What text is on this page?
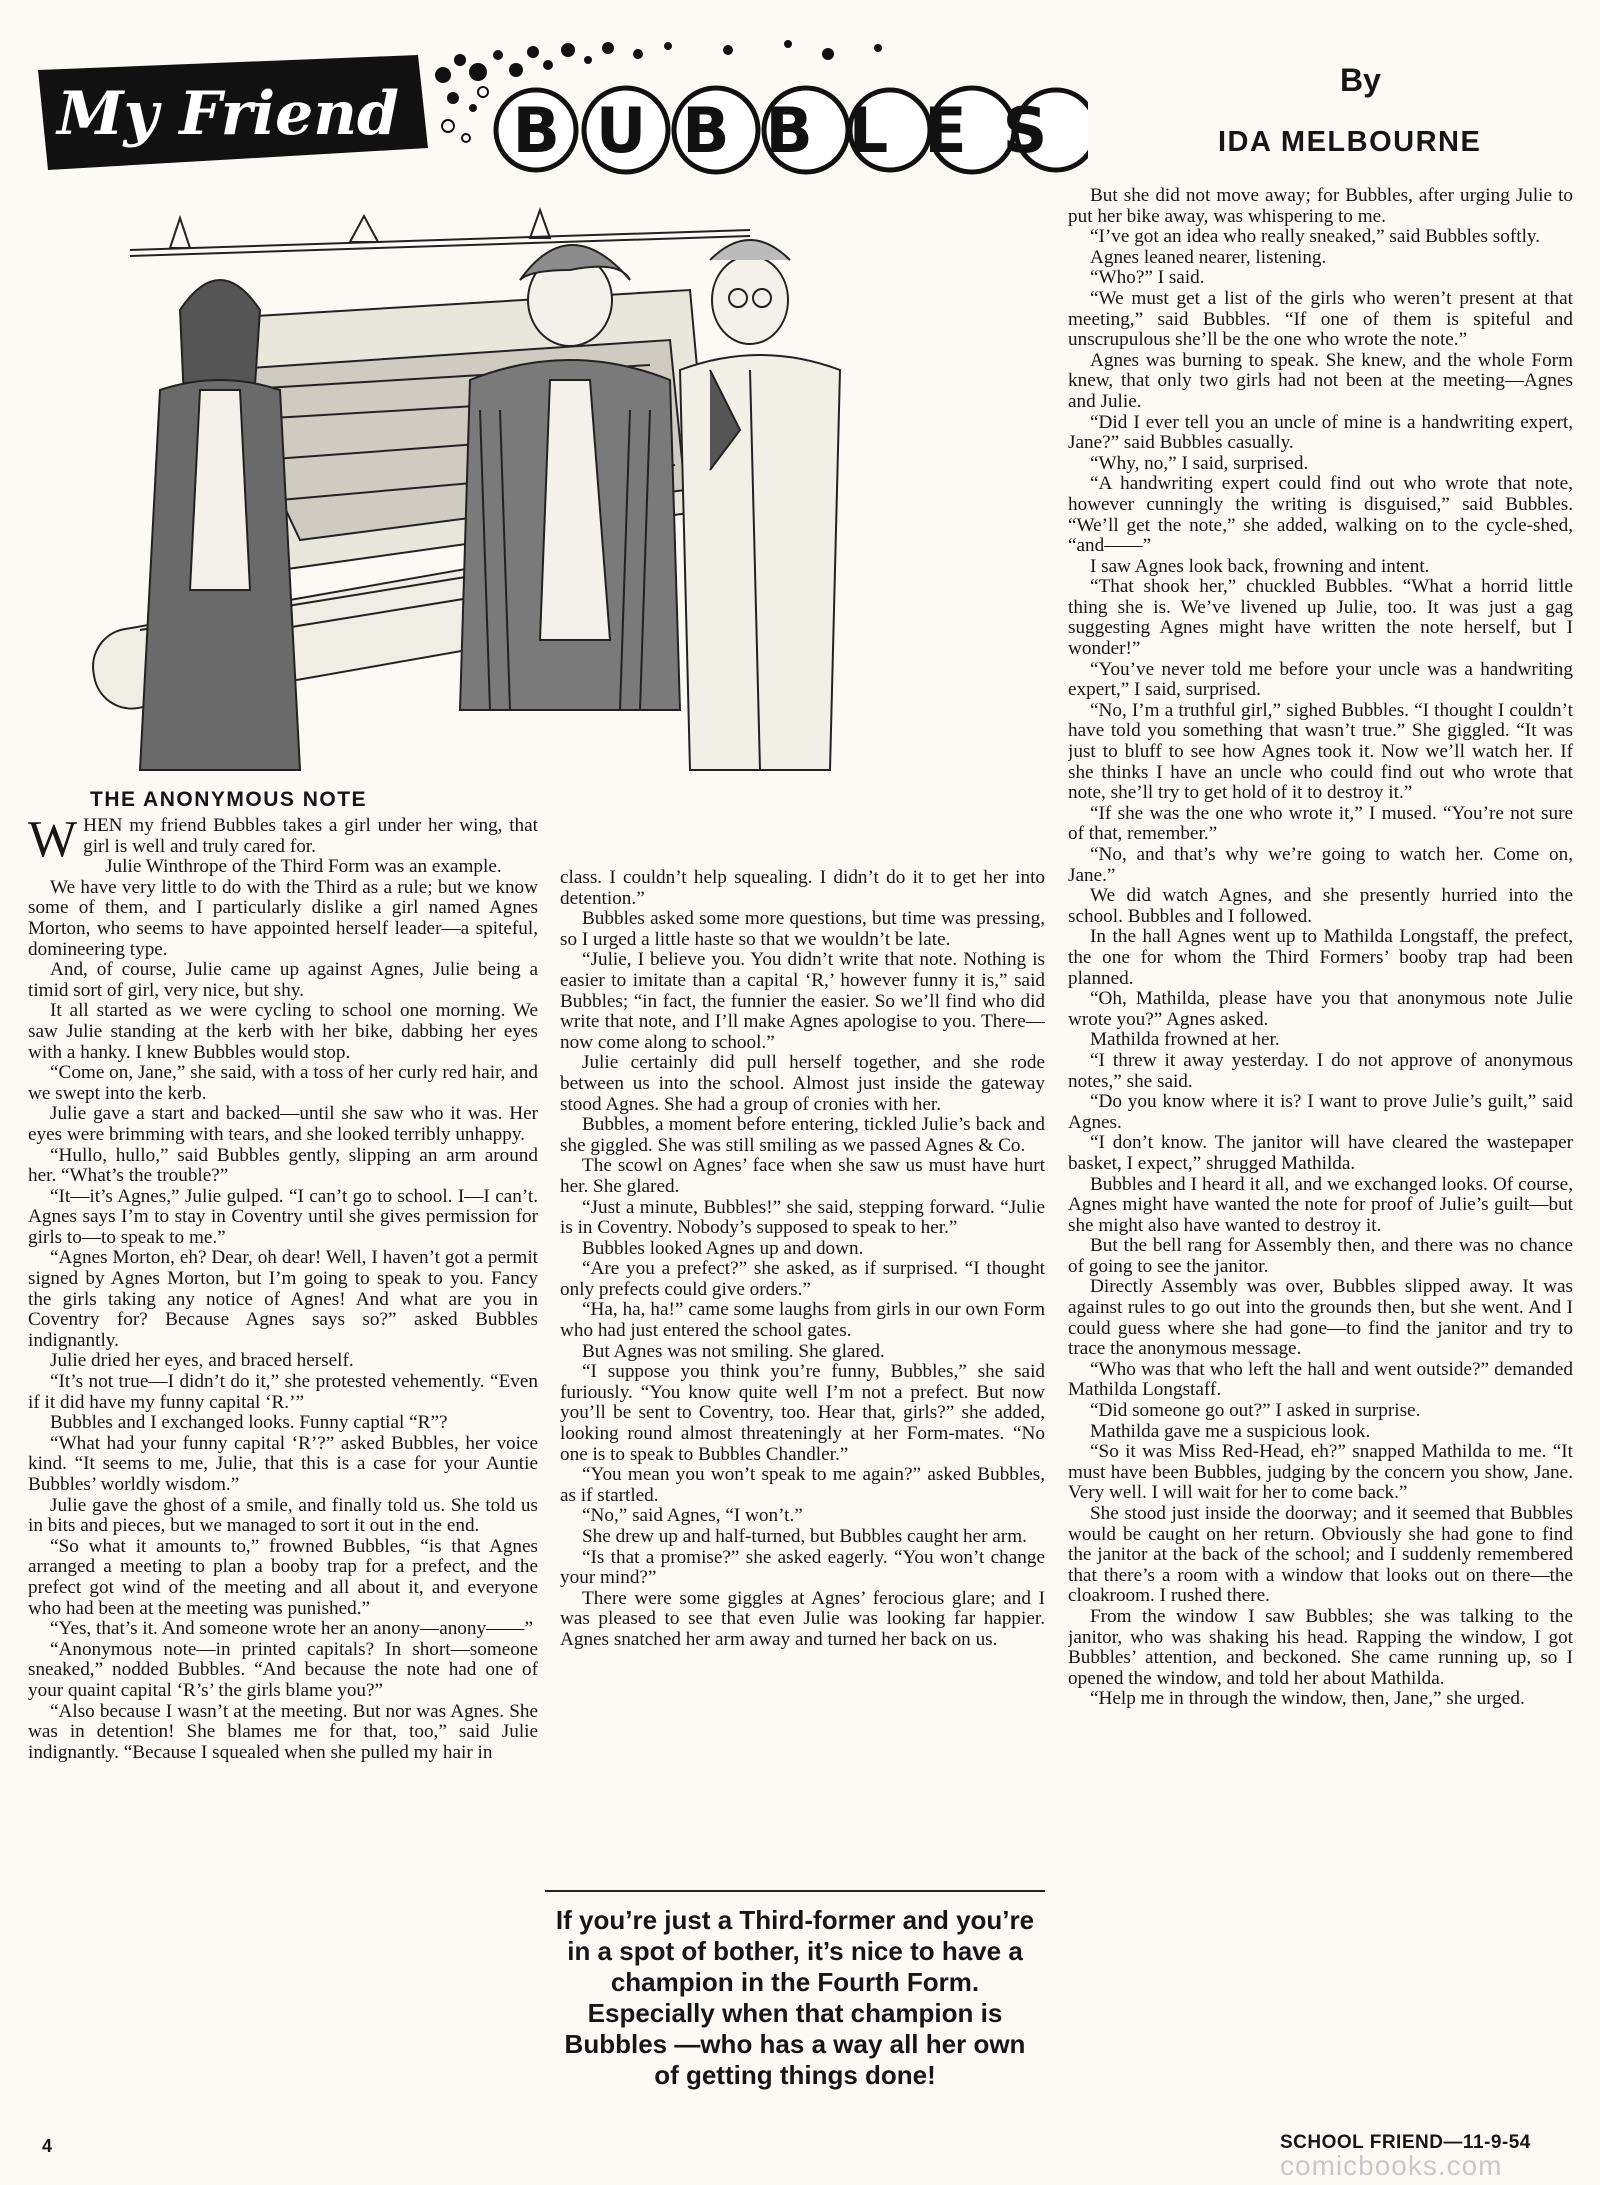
My Friend BUBBLES
By
IDA MELBOURNE
THE ANONYMOUS NOTE

WHEN my friend Bubbles takes a girl under her wing, that girl is well and truly cared for.

Julie Winthrope of the Third Form was an example.

We have very little to do with the Third as a rule; but we know some of them, and I particularly dislike a girl named Agnes Morton, who seems to have appointed herself leader—a spiteful, domineering type.

And, of course, Julie came up against Agnes, Julie being a timid sort of girl, very nice, but shy.

It all started as we were cycling to school one morning. We saw Julie standing at the kerb with her bike, dabbing her eyes with a hanky. I knew Bubbles would stop.

“Come on, Jane,” she said, with a toss of her curly red hair, and we swept into the kerb.

Julie gave a start and backed—until she saw who it was. Her eyes were brimming with tears, and she looked terribly unhappy.

“Hullo, hullo,” said Bubbles gently, slipping an arm around her. “What’s the trouble?”

“It—it’s Agnes,” Julie gulped. “I can’t go to school. I—I can’t. Agnes says I’m to stay in Coventry until she gives permission for girls to—to speak to me.”

“Agnes Morton, eh? Dear, oh dear! Well, I haven’t got a permit signed by Agnes Morton, but I’m going to speak to you. Fancy the girls taking any notice of Agnes! And what are you in Coventry for? Because Agnes says so?” asked Bubbles indignantly.

Julie dried her eyes, and braced herself.

“It’s not true—I didn’t do it,” she protested vehemently. “Even if it did have my funny capital ‘R.’”

Bubbles and I exchanged looks. Funny captial “R”?

“What had your funny capital ‘R’?” asked Bubbles, her voice kind. “It seems to me, Julie, that this is a case for your Auntie Bubbles’ worldly wisdom.”

Julie gave the ghost of a smile, and finally told us. She told us in bits and pieces, but we managed to sort it out in the end.

“So what it amounts to,” frowned Bubbles, “is that Agnes arranged a meeting to plan a booby trap for a prefect, and the prefect got wind of the meeting and all about it, and everyone who had been at the meeting was punished.”

“Yes, that’s it. And someone wrote her an anony—anony——”

“Anonymous note—in printed capitals? In short—someone sneaked,” nodded Bubbles. “And because the note had one of your quaint capital ‘R’s’ the girls blame you?”

“Also because I wasn’t at the meeting. But nor was Agnes. She was in detention! She blames me for that, too,” said Julie indignantly. “Because I squealed when she pulled my hair in

class. I couldn’t help squealing. I didn’t do it to get her into detention.”

Bubbles asked some more questions, but time was pressing, so I urged a little haste so that we wouldn’t be late.

“Julie, I believe you. You didn’t write that note. Nothing is easier to imitate than a capital ‘R,’ however funny it is,” said Bubbles; “in fact, the funnier the easier. So we’ll find who did write that note, and I’ll make Agnes apologise to you. There—now come along to school.”

Julie certainly did pull herself together, and she rode between us into the school. Almost just inside the gateway stood Agnes. She had a group of cronies with her.

Bubbles, a moment before entering, tickled Julie’s back and she giggled. She was still smiling as we passed Agnes & Co.

The scowl on Agnes’ face when she saw us must have hurt her. She glared.

“Just a minute, Bubbles!” she said, stepping forward. “Julie is in Coventry. Nobody’s supposed to speak to her.”

Bubbles looked Agnes up and down.

“Are you a prefect?” she asked, as if surprised. “I thought only prefects could give orders.”

“Ha, ha, ha!” came some laughs from girls in our own Form who had just entered the school gates.

But Agnes was not smiling. She glared.

“I suppose you think you’re funny, Bubbles,” she said furiously. “You know quite well I’m not a prefect. But now you’ll be sent to Coventry, too. Hear that, girls?” she added, looking round almost threateningly at her Form-mates. “No one is to speak to Bubbles Chandler.”

“You mean you won’t speak to me again?” asked Bubbles, as if startled.

“No,” said Agnes, “I won’t.”

She drew up and half-turned, but Bubbles caught her arm.

“Is that a promise?” she asked eagerly. “You won’t change your mind?”

There were some giggles at Agnes’ ferocious glare; and I was pleased to see that even Julie was looking far happier. Agnes snatched her arm away and turned her back on us.

If you’re just a Third-former and you’re in a spot of bother, it’s nice to have a champion in the Fourth Form. Especially when that champion is Bubbles —who has a way all her own of getting things done!

But she did not move away; for Bubbles, after urging Julie to put her bike away, was whispering to me.

“I’ve got an idea who really sneaked,” said Bubbles softly.

Agnes leaned nearer, listening.

“Who?” I said.

“We must get a list of the girls who weren’t present at that meeting,” said Bubbles. “If one of them is spiteful and unscrupulous she’ll be the one who wrote the note.”

Agnes was burning to speak. She knew, and the whole Form knew, that only two girls had not been at the meeting—Agnes and Julie.

“Did I ever tell you an uncle of mine is a handwriting expert, Jane?” said Bubbles casually.

“Why, no,” I said, surprised.

“A handwriting expert could find out who wrote that note, however cunningly the writing is disguised,” said Bubbles. “We’ll get the note,” she added, walking on to the cycle-shed, “and——”

I saw Agnes look back, frowning and intent.

“That shook her,” chuckled Bubbles. “What a horrid little thing she is. We’ve livened up Julie, too. It was just a gag suggesting Agnes might have written the note herself, but I wonder!”

“You’ve never told me before your uncle was a handwriting expert,” I said, surprised.

“No, I’m a truthful girl,” sighed Bubbles. “I thought I couldn’t have told you something that wasn’t true.” She giggled. “It was just to bluff to see how Agnes took it. Now we’ll watch her. If she thinks I have an uncle who could find out who wrote that note, she’ll try to get hold of it to destroy it.”

“If she was the one who wrote it,” I mused. “You’re not sure of that, remember.”

“No, and that’s why we’re going to watch her. Come on, Jane.”

We did watch Agnes, and she presently hurried into the school. Bubbles and I followed.

In the hall Agnes went up to Mathilda Longstaff, the prefect, the one for whom the Third Formers’ booby trap had been planned.

“Oh, Mathilda, please have you that anonymous note Julie wrote you?” Agnes asked.

Mathilda frowned at her.

“I threw it away yesterday. I do not approve of anonymous notes,” she said.

“Do you know where it is? I want to prove Julie’s guilt,” said Agnes.

“I don’t know. The janitor will have cleared the wastepaper basket, I expect,” shrugged Mathilda.

Bubbles and I heard it all, and we exchanged looks. Of course, Agnes might have wanted the note for proof of Julie’s guilt—but she might also have wanted to destroy it.

But the bell rang for Assembly then, and there was no chance of going to see the janitor.

Directly Assembly was over, Bubbles slipped away. It was against rules to go out into the grounds then, but she went. And I could guess where she had gone—to find the janitor and try to trace the anonymous message.

“Who was that who left the hall and went outside?” demanded Mathilda Longstaff.

“Did someone go out?” I asked in surprise.

Mathilda gave me a suspicious look.

“So it was Miss Red-Head, eh?” snapped Mathilda to me. “It must have been Bubbles, judging by the concern you show, Jane. Very well. I will wait for her to come back.”

She stood just inside the doorway; and it seemed that Bubbles would be caught on her return. Obviously she had gone to find the janitor at the back of the school; and I suddenly remembered that there’s a room with a window that looks out on there—the cloakroom. I rushed there.

From the window I saw Bubbles; she was talking to the janitor, who was shaking his head. Rapping the window, I got Bubbles’ attention, and beckoned. She came running up, so I opened the window, and told her about Mathilda.

“Help me in through the window, then, Jane,” she urged.

4	SCHOOL FRIEND—11-9-54
comicbooks.com
